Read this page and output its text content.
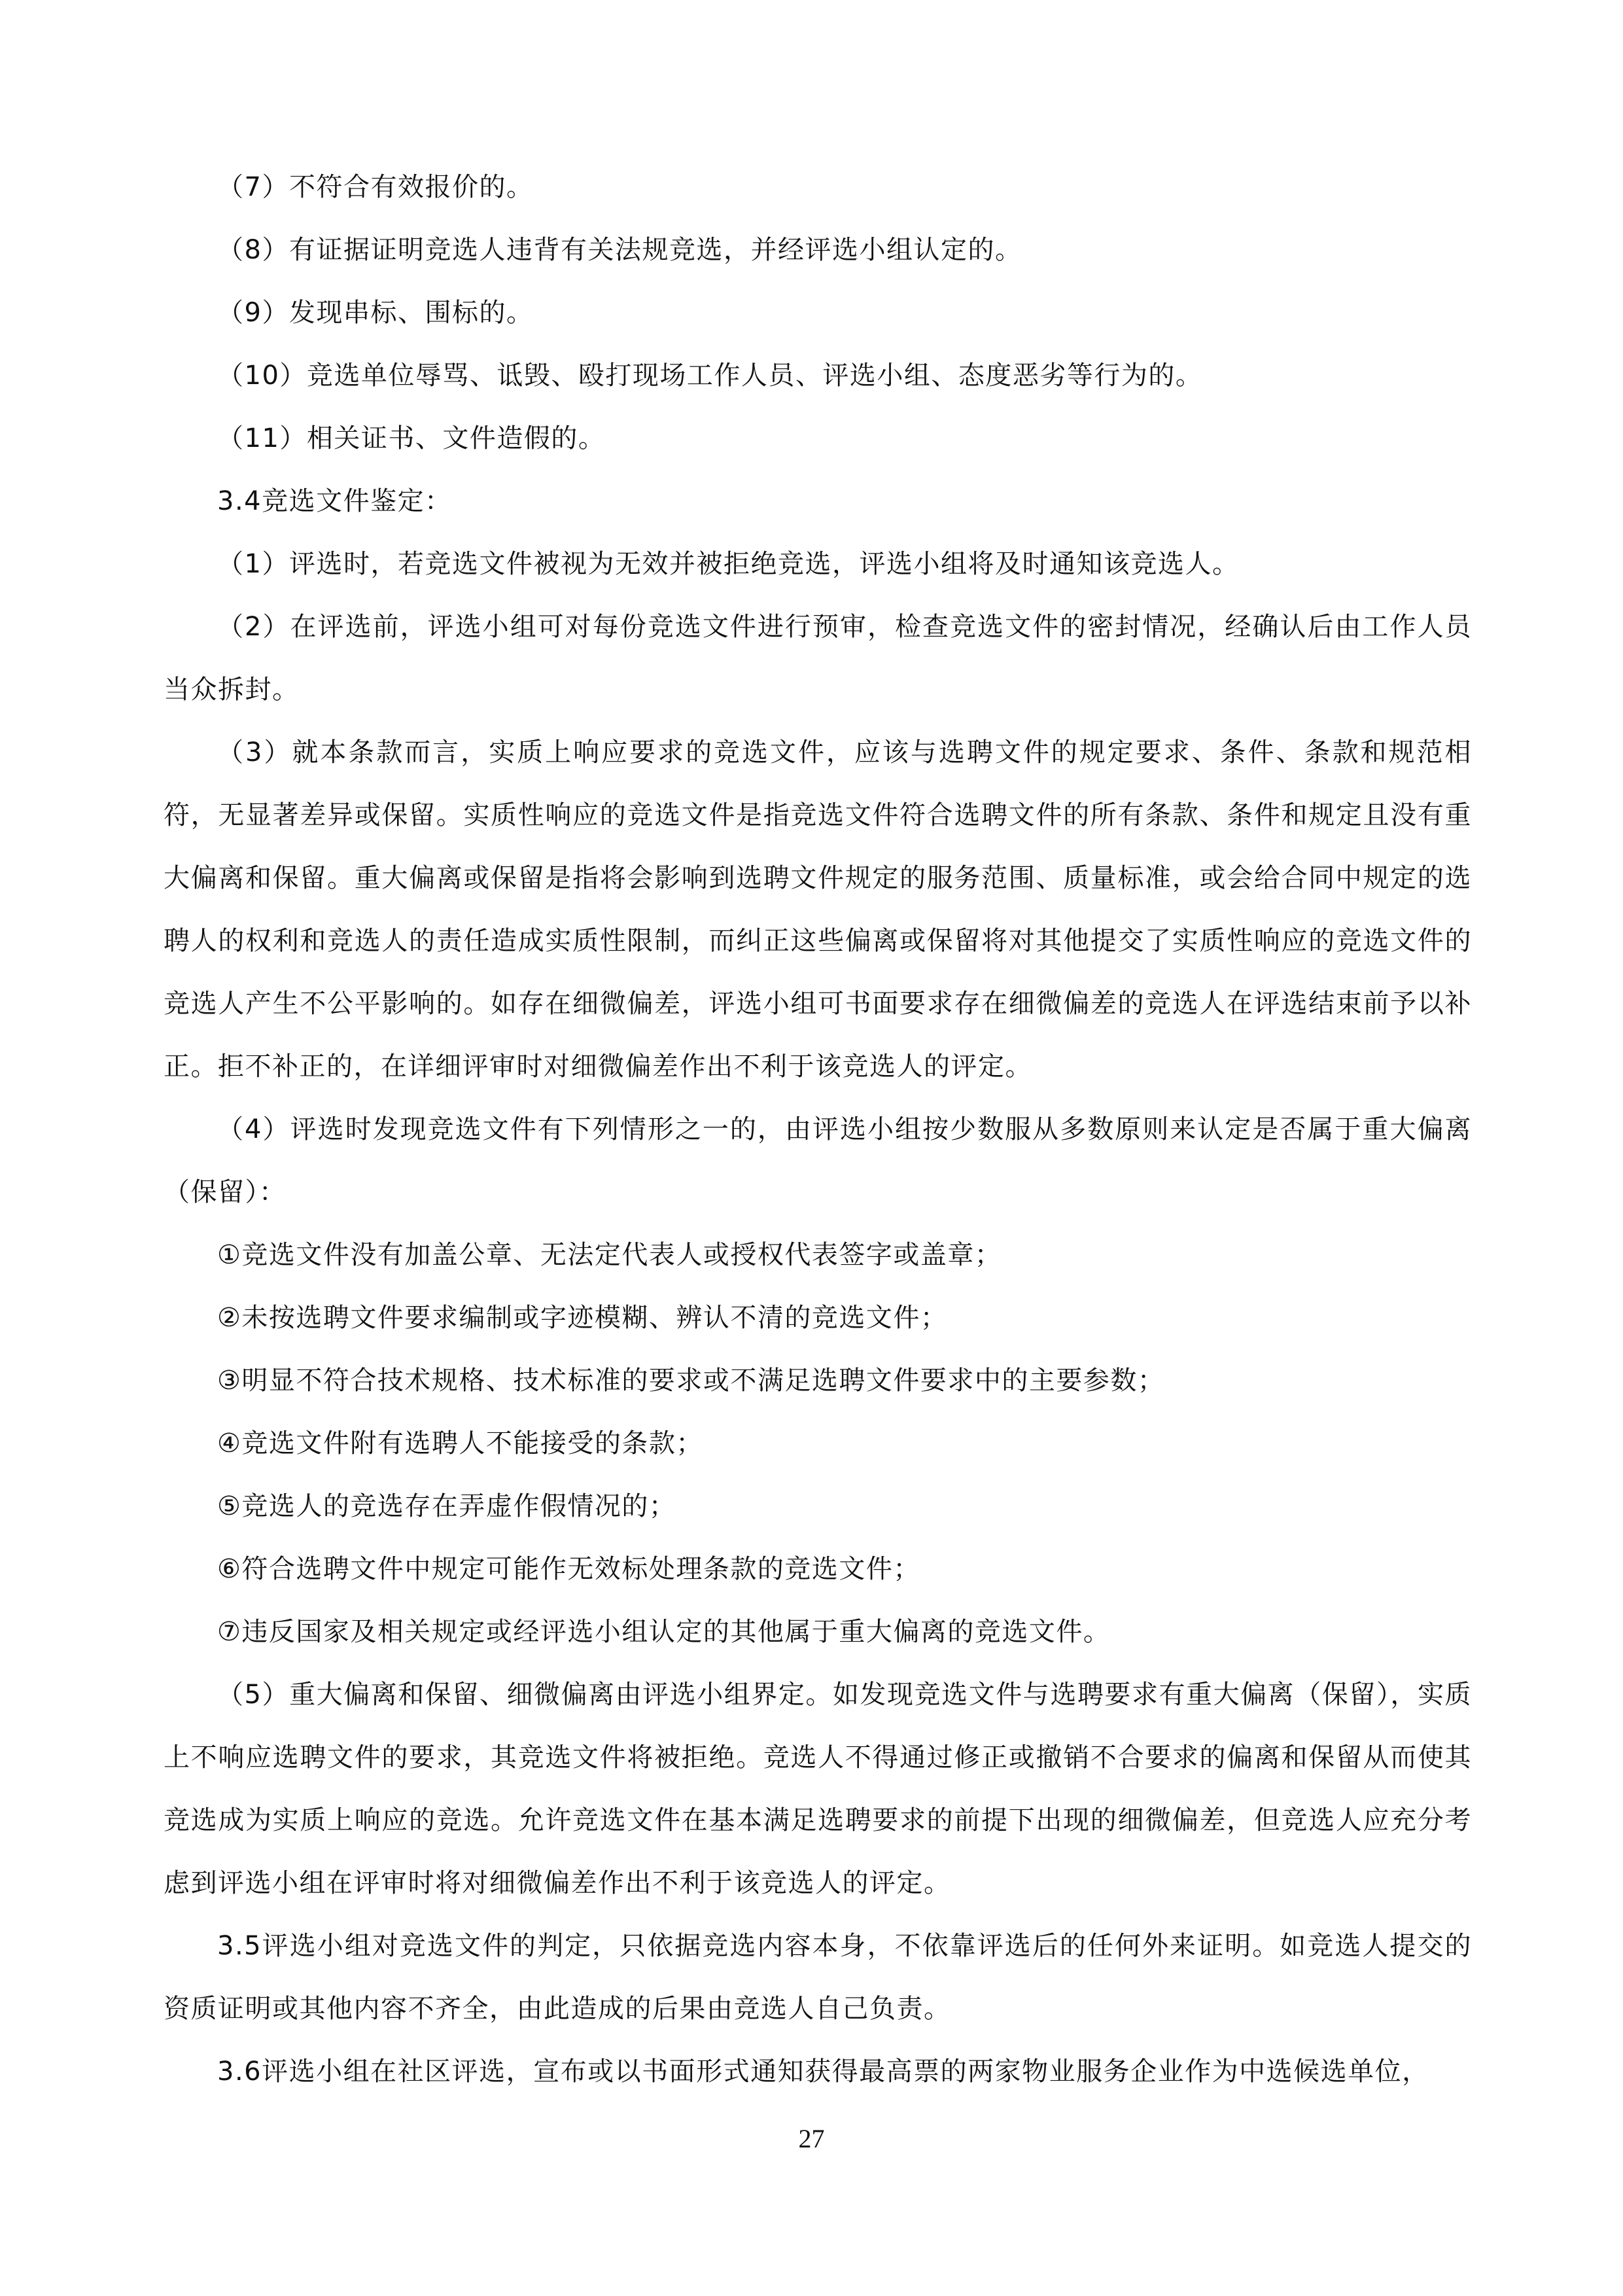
（7）不符合有效报价的。

（8）有证据证明竞选人违背有关法规竞选，并经评选小组认定的。

（9）发现串标、围标的。

（10）竞选单位辱骂、诋毁、殴打现场工作人员、评选小组、态度恶劣等行为的。

（11）相关证书、文件造假的。

3.4竞选文件鉴定：

（1）评选时，若竞选文件被视为无效并被拒绝竞选，评选小组将及时通知该竞选人。

（2）在评选前，评选小组可对每份竞选文件进行预审，检查竞选文件的密封情况，经确认后由工作人员当众拆封。

（3）就本条款而言，实质上响应要求的竞选文件，应该与选聘文件的规定要求、条件、条款和规范相符，无显著差异或保留。实质性响应的竞选文件是指竞选文件符合选聘文件的所有条款、条件和规定且没有重大偏离和保留。重大偏离或保留是指将会影响到选聘文件规定的服务范围、质量标准，或会给合同中规定的选聘人的权利和竞选人的责任造成实质性限制，而纠正这些偏离或保留将对其他提交了实质性响应的竞选文件的竞选人产生不公平影响的。如存在细微偏差，评选小组可书面要求存在细微偏差的竞选人在评选结束前予以补正。拒不补正的，在详细评审时对细微偏差作出不利于该竞选人的评定。

（4）评选时发现竞选文件有下列情形之一的，由评选小组按少数服从多数原则来认定是否属于重大偏离（保留）：

①竞选文件没有加盖公章、无法定代表人或授权代表签字或盖章；

②未按选聘文件要求编制或字迹模糊、辨认不清的竞选文件；

③明显不符合技术规格、技术标准的要求或不满足选聘文件要求中的主要参数；

④竞选文件附有选聘人不能接受的条款；

⑤竞选人的竞选存在弄虚作假情况的；

⑥符合选聘文件中规定可能作无效标处理条款的竞选文件；

⑦违反国家及相关规定或经评选小组认定的其他属于重大偏离的竞选文件。

（5）重大偏离和保留、细微偏离由评选小组界定。如发现竞选文件与选聘要求有重大偏离（保留），实质上不响应选聘文件的要求，其竞选文件将被拒绝。竞选人不得通过修正或撤销不合要求的偏离和保留从而使其竞选成为实质上响应的竞选。允许竞选文件在基本满足选聘要求的前提下出现的细微偏差，但竞选人应充分考虑到评选小组在评审时将对细微偏差作出不利于该竞选人的评定。

3.5评选小组对竞选文件的判定，只依据竞选内容本身，不依靠评选后的任何外来证明。如竞选人提交的资质证明或其他内容不齐全，由此造成的后果由竞选人自己负责。

3.6评选小组在社区评选，宣布或以书面形式通知获得最高票的两家物业服务企业作为中选候选单位，

27
